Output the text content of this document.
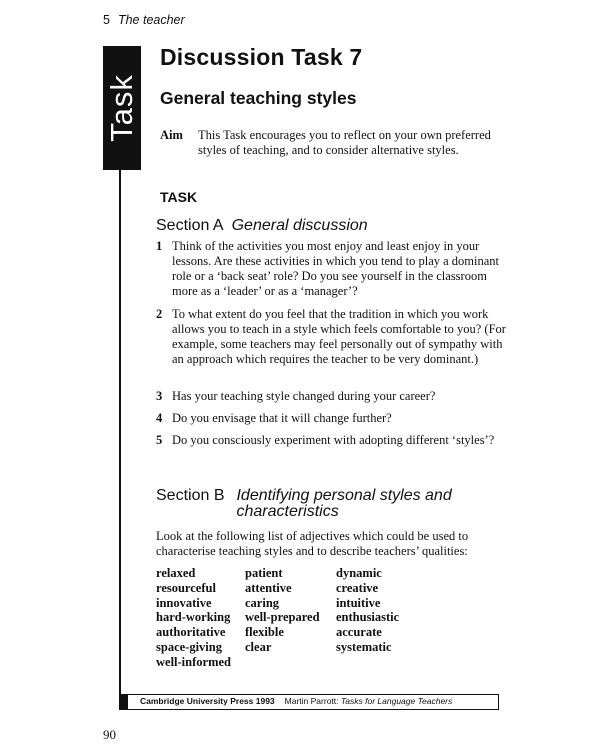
5 The teacher
Task
Discussion Task 7
General teaching styles
Aim This Task encourages you to reflect on your own preferred styles of teaching, and to consider alternative styles.
TASK
Section A General discussion
1 Think of the activities you most enjoy and least enjoy in your lessons. Are these activities in which you tend to play a dominant role or a ‘back seat’ role? Do you see yourself in the classroom more as a ‘leader’ or as a ‘manager’?
2 To what extent do you feel that the tradition in which you work allows you to teach in a style which feels comfortable to you? (For example, some teachers may feel personally out of sympathy with an approach which requires the teacher to be very dominant.)
3 Has your teaching style changed during your career?
4 Do you envisage that it will change further?
5 Do you consciously experiment with adopting different ‘styles’?
Section B Identifying personal styles and characteristics
Look at the following list of adjectives which could be used to characterise teaching styles and to describe teachers’ qualities:
relaxed
resourceful
innovative
hard-working
authoritative
space-giving
well-informed
patient
attentive
caring
well-prepared
flexible
clear
dynamic
creative
intuitive
enthusiastic
accurate
systematic
Cambridge University Press 1993 Martin Parrott: Tasks for Language Teachers
90
